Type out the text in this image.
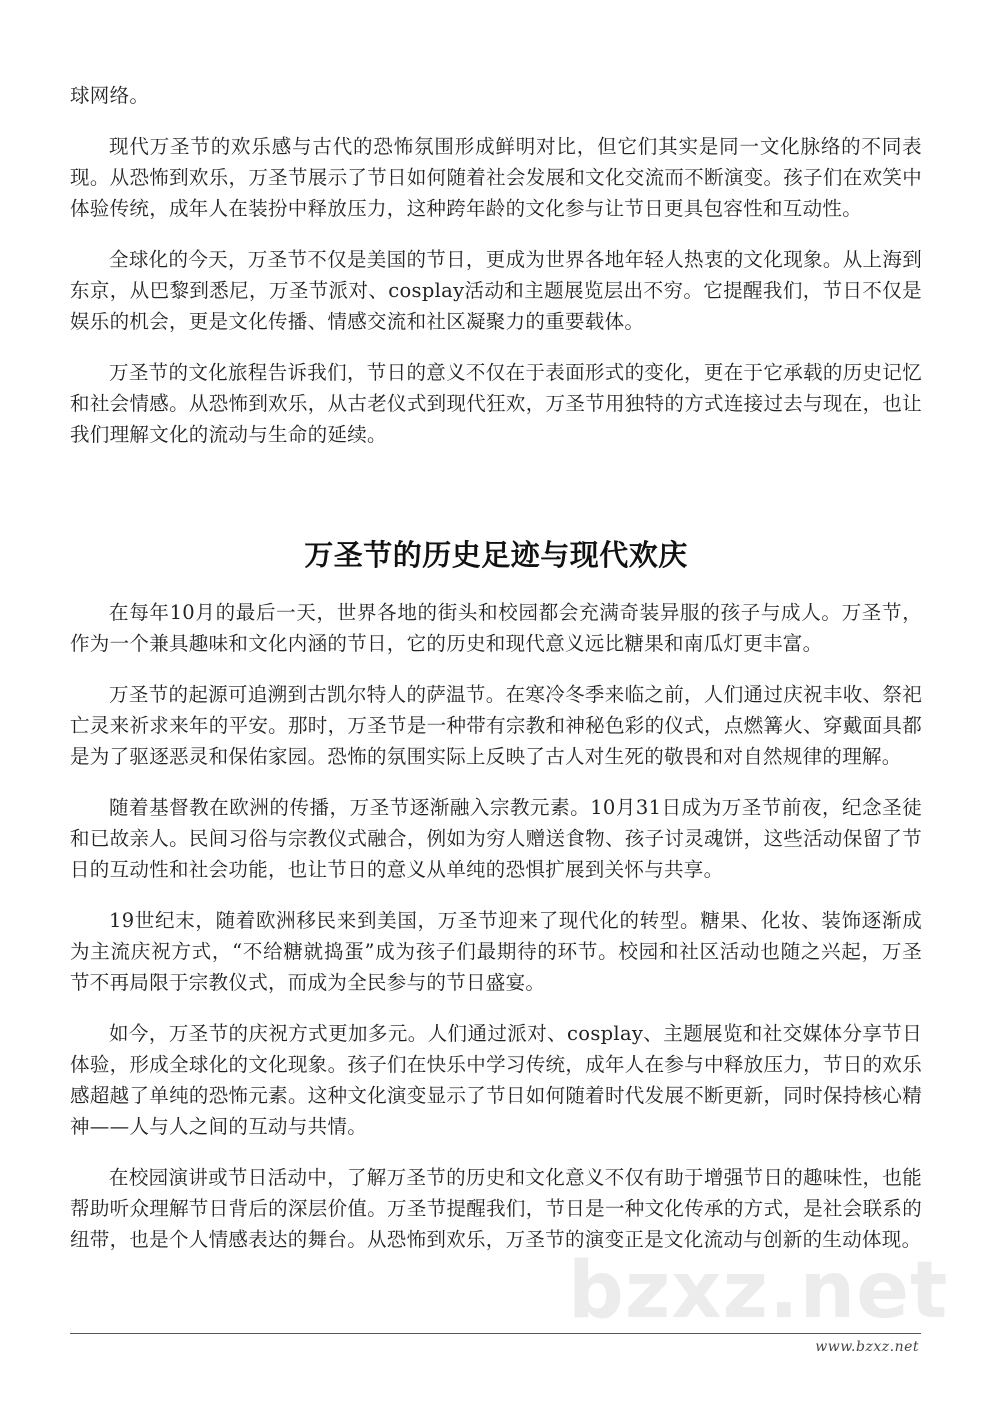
bzxz.net

球网络。

现代万圣节的欢乐感与古代的恐怖氛围形成鲜明对比，但它们其实是同一文化脉络的不同表现。从恐怖到欢乐，万圣节展示了节日如何随着社会发展和文化交流而不断演变。孩子们在欢笑中体验传统，成年人在装扮中释放压力，这种跨年龄的文化参与让节日更具包容性和互动性。

全球化的今天，万圣节不仅是美国的节日，更成为世界各地年轻人热衷的文化现象。从上海到东京，从巴黎到悉尼，万圣节派对、cosplay活动和主题展览层出不穷。它提醒我们，节日不仅是娱乐的机会，更是文化传播、情感交流和社区凝聚力的重要载体。

万圣节的文化旅程告诉我们，节日的意义不仅在于表面形式的变化，更在于它承载的历史记忆和社会情感。从恐怖到欢乐，从古老仪式到现代狂欢，万圣节用独特的方式连接过去与现在，也让我们理解文化的流动与生命的延续。

万圣节的历史足迹与现代欢庆

在每年10月的最后一天，世界各地的街头和校园都会充满奇装异服的孩子与成人。万圣节，作为一个兼具趣味和文化内涵的节日，它的历史和现代意义远比糖果和南瓜灯更丰富。

万圣节的起源可追溯到古凯尔特人的萨温节。在寒冷冬季来临之前，人们通过庆祝丰收、祭祀亡灵来祈求来年的平安。那时，万圣节是一种带有宗教和神秘色彩的仪式，点燃篝火、穿戴面具都是为了驱逐恶灵和保佑家园。恐怖的氛围实际上反映了古人对生死的敬畏和对自然规律的理解。

随着基督教在欧洲的传播，万圣节逐渐融入宗教元素。10月31日成为万圣节前夜，纪念圣徒和已故亲人。民间习俗与宗教仪式融合，例如为穷人赠送食物、孩子讨灵魂饼，这些活动保留了节日的互动性和社会功能，也让节日的意义从单纯的恐惧扩展到关怀与共享。

19世纪末，随着欧洲移民来到美国，万圣节迎来了现代化的转型。糖果、化妆、装饰逐渐成为主流庆祝方式，“不给糖就捣蛋”成为孩子们最期待的环节。校园和社区活动也随之兴起，万圣节不再局限于宗教仪式，而成为全民参与的节日盛宴。

如今，万圣节的庆祝方式更加多元。人们通过派对、cosplay、主题展览和社交媒体分享节日体验，形成全球化的文化现象。孩子们在快乐中学习传统，成年人在参与中释放压力，节日的欢乐感超越了单纯的恐怖元素。这种文化演变显示了节日如何随着时代发展不断更新，同时保持核心精神——人与人之间的互动与共情。

在校园演讲或节日活动中，了解万圣节的历史和文化意义不仅有助于增强节日的趣味性，也能帮助听众理解节日背后的深层价值。万圣节提醒我们，节日是一种文化传承的方式，是社会联系的纽带，也是个人情感表达的舞台。从恐怖到欢乐，万圣节的演变正是文化流动与创新的生动体现。

www.bzxz.net
